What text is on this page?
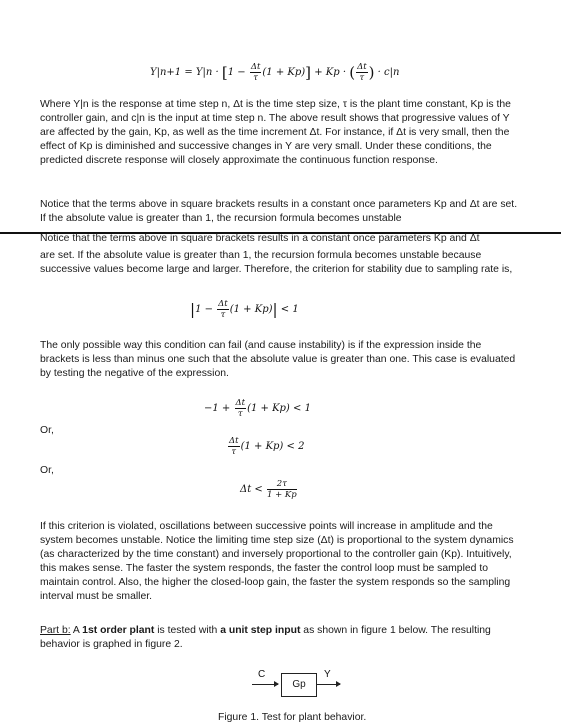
$Y|n+1 = Y|n \cdot [1 - \frac{\Delta t}{\tau} (1 + Kp)] + Kp$ · ( $\frac{\Delta t}{\tau}$ ) · c|n

Where Y|n is the response at time step n, Δt is the time step size, τ is the plant time constant, Kp is the controller gain, and c|n is the input at time step n. The above result shows that progressive values of Y are affected by the gain, Kp, as well as the time increment Δt. For instance, if Δt is very small, then the effect of Kp is diminished and successive changes in Y are very small. Under these conditions, the predicted discrete response will closely approximate the continuous function response.

Notice that the terms above in square brackets results in a constant once parameters Kp and Δt are set. If the absolute value is greater than 1, the recursion formula becomes unstable

Notice that the terms above in square brackets results in a constant once parameters Kp and Δt

are set. If the absolute value is greater than 1, the recursion formula becomes unstable because successive values become large and larger. Therefore, the criterion for stability due to sampling rate is,

$|1 - \frac{\Delta t}{\tau} (1 + Kp)| < 1$

The only possible way this condition can fail (and cause instability) is if the expression inside the brackets is less than minus one such that the absolute value is greater than one. This case is evaluated by testing the negative of the expression.

$-1 + \frac{\Delta t}{\tau} (1 + Kp) < 1$

Or,

$\frac{\Delta t}{\tau} (1 + Kp) < 2$

Or,

$\Delta t < \frac{2\tau}{1 + Kp}$

If this criterion is violated, oscillations between successive points will increase in amplitude and the system becomes unstable. Notice the limiting time step size (Δt) is proportional to the system dynamics (as characterized by the time constant) and inversely proportional to the controller gain (Kp). Intuitively, this makes sense. The faster the system responds, the faster the control loop must be sampled to maintain control. Also, the higher the closed-loop gain, the faster the system responds so the sampling interval must be smaller.

Part b: A 1st order plant is tested with a unit step input as shown in figure 1 below. The resulting behavior is graphed in figure 2.

C
Gp
Y

Figure 1. Test for plant behavior.
